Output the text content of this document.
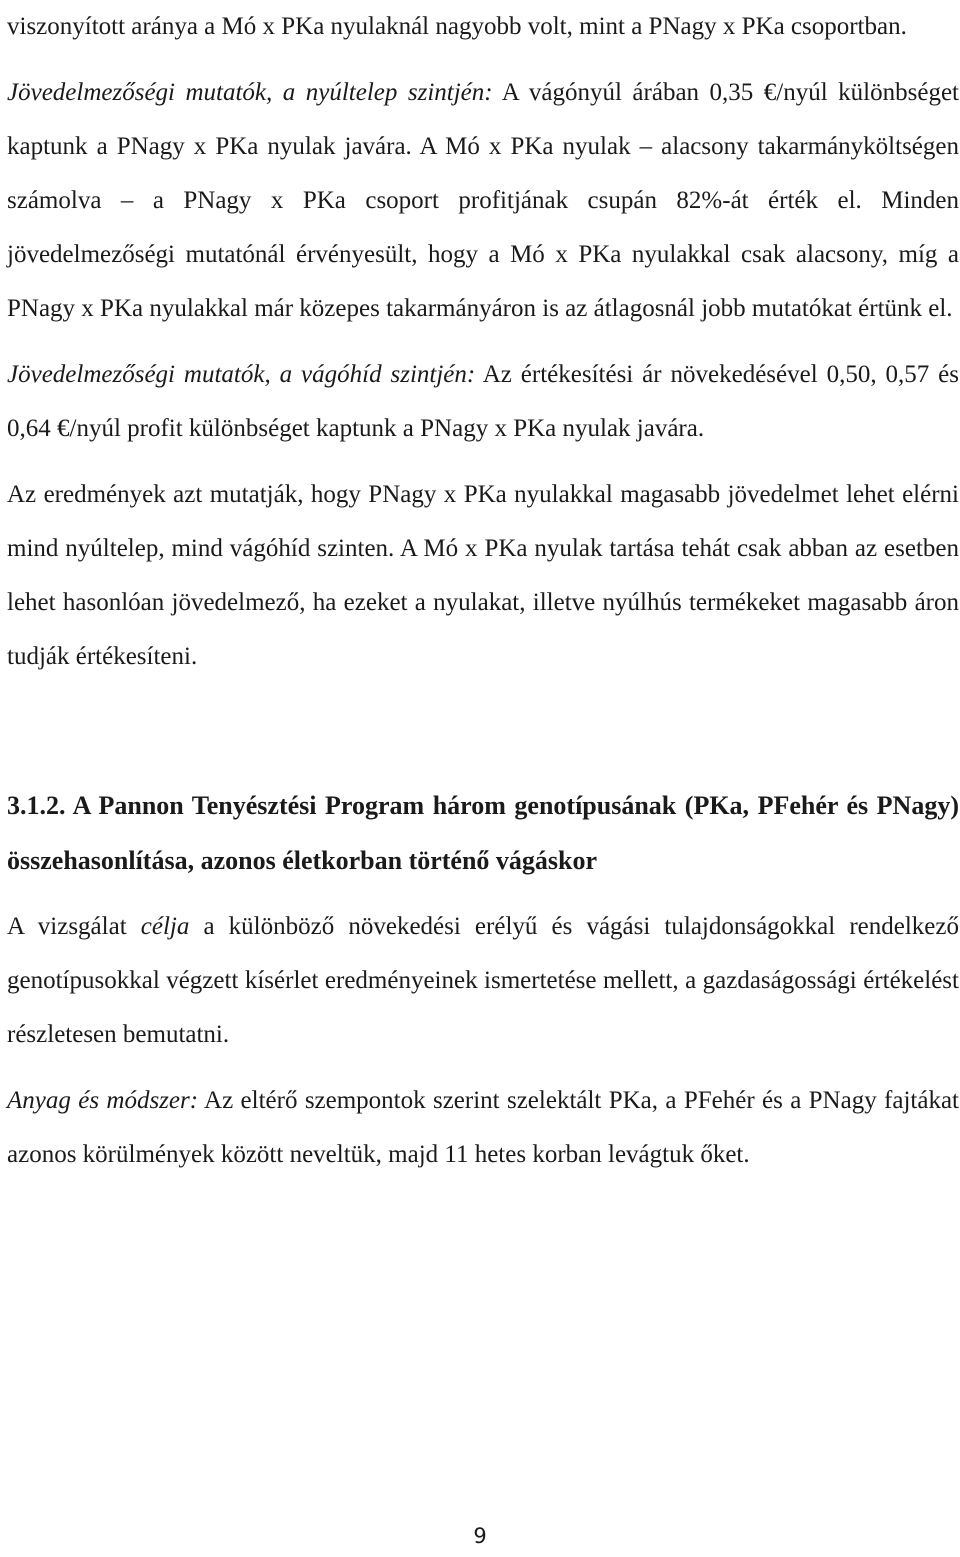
viszonyított aránya a Mó x PKa nyulaknál nagyobb volt, mint a PNagy x PKa csoportban.

Jövedelmezőségi mutatók, a nyúltelep szintjén: A vágónyúl árában 0,35 €/nyúl különbséget kaptunk a PNagy x PKa nyulak javára. A Mó x PKa nyulak – alacsony takarmányköltségen számolva – a PNagy x PKa csoport profitjának csupán 82%-át érték el. Minden jövedelmezőségi mutatónál érvényesült, hogy a Mó x PKa nyulakkal csak alacsony, míg a PNagy x PKa nyulakkal már közepes takarmányáron is az átlagosnál jobb mutatókat értünk el.

Jövedelmezőségi mutatók, a vágóhíd szintjén: Az értékesítési ár növekedésével 0,50, 0,57 és 0,64 €/nyúl profit különbséget kaptunk a PNagy x PKa nyulak javára.

Az eredmények azt mutatják, hogy PNagy x PKa nyulakkal magasabb jövedelmet lehet elérni mind nyúltelep, mind vágóhíd szinten. A Mó x PKa nyulak tartása tehát csak abban az esetben lehet hasonlóan jövedelmező, ha ezeket a nyulakat, illetve nyúlhús termékeket magasabb áron tudják értékesíteni.

3.1.2. A Pannon Tenyésztési Program három genotípusának (PKa, PFehér és PNagy) összehasonlítása, azonos életkorban történő vágáskor

A vizsgálat célja a különböző növekedési erélyű és vágási tulajdonságokkal rendelkező genotípusokkal végzett kísérlet eredményeinek ismertetése mellett, a gazdaságossági értékelést részletesen bemutatni.

Anyag és módszer: Az eltérő szempontok szerint szelektált PKa, a PFehér és a PNagy fajtákat azonos körülmények között neveltük, majd 11 hetes korban levágtuk őket.

9
